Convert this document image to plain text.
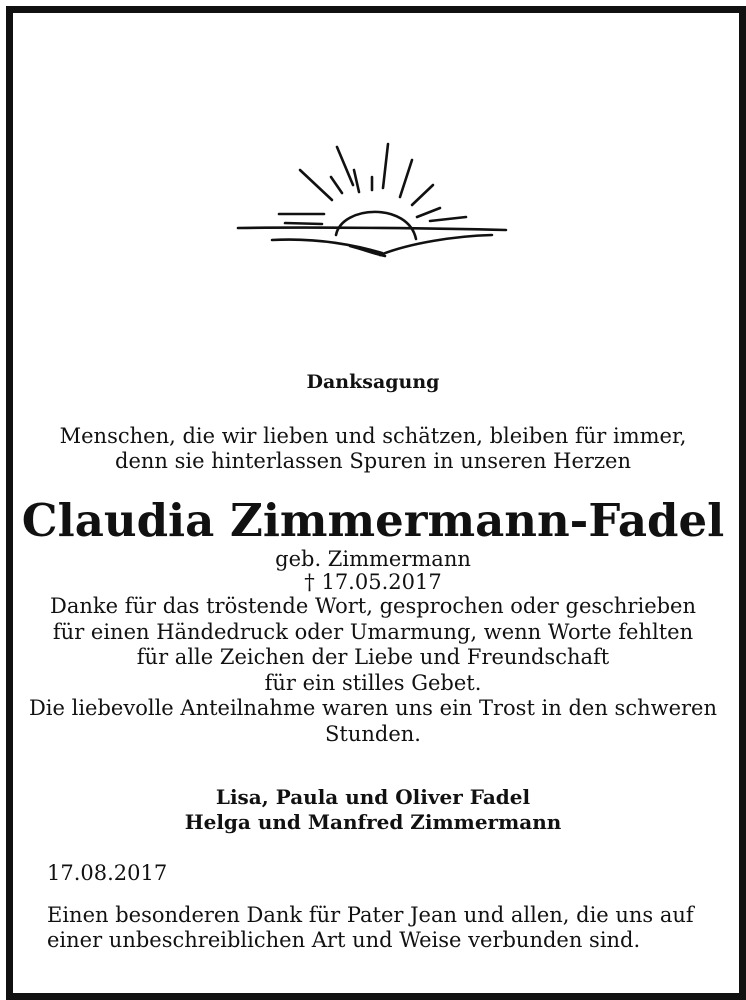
Danksagung
Menschen, die wir lieben und schätzen, bleiben für immer,
denn sie hinterlassen Spuren in unseren Herzen
Claudia Zimmermann-Fadel
geb. Zimmermann
† 17.05.2017
Danke für das tröstende Wort, gesprochen oder geschrieben
für einen Händedruck oder Umarmung, wenn Worte fehlten
für alle Zeichen der Liebe und Freundschaft
für ein stilles Gebet.
Die liebevolle Anteilnahme waren uns ein Trost in den schweren
Stunden.
Lisa, Paula und Oliver Fadel
Helga und Manfred Zimmermann
17.08.2017
Einen besonderen Dank für Pater Jean und allen, die uns auf
einer unbeschreiblichen Art und Weise verbunden sind.
